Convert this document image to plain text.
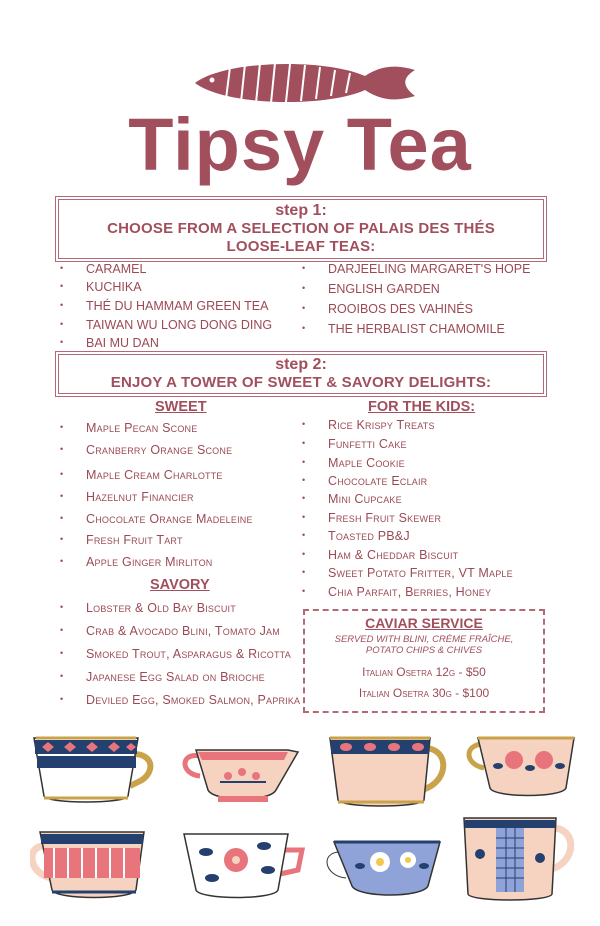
Tipsy Tea
step 1:
CHOOSE FROM A SELECTION OF PALAIS DES THÉS
LOOSE-LEAF TEAS:
• CARAMEL
• KUCHIKA
• THÉ DU HAMMAM GREEN TEA
• TAIWAN WU LONG DONG DING
• BAI MU DAN
• DARJEELING MARGARET'S HOPE
• ENGLISH GARDEN
• ROOIBOS DES VAHINÉS
• THE HERBALIST CHAMOMILE
step 2:
ENJOY A TOWER OF SWEET & SAVORY DELIGHTS:
SWEET
• Maple Pecan Scone
• Cranberry Orange Scone
• Maple Cream Charlotte
• Hazelnut Financier
• Chocolate Orange Madeleine
• Fresh Fruit Tart
• Apple Ginger Mirliton
SAVORY
• Lobster & Old Bay Biscuit
• Crab & Avocado Blini, Tomato Jam
• Smoked Trout, Asparagus & Ricotta
• Japanese Egg Salad on Brioche
• Deviled Egg, Smoked Salmon, Paprika
FOR THE KIDS:
• Rice Krispy Treats
• Funfetti Cake
• Maple Cookie
• Chocolate Eclair
• Mini Cupcake
• Fresh Fruit Skewer
• Toasted PB&J
• Ham & Cheddar Biscuit
• Sweet Potato Fritter, VT Maple
• Chia Parfait, Berries, Honey
CAVIAR SERVICE
SERVED WITH BLINI, CRÈME FRAÎCHE, POTATO CHIPS & CHIVES
Italian Osetra 12g - $50
Italian Osetra 30g - $100
